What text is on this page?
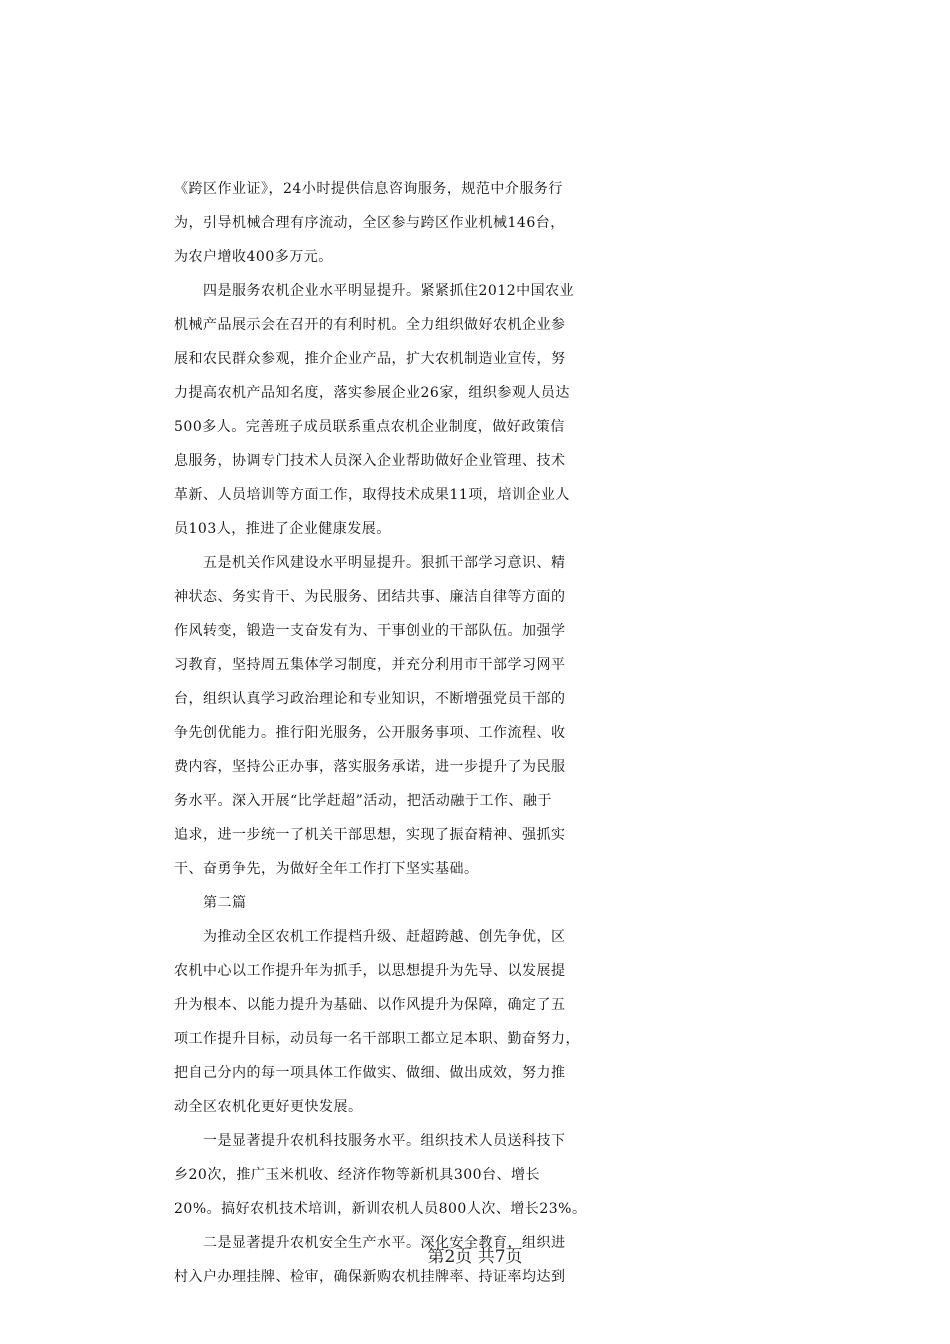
《跨区作业证》，24小时提供信息咨询服务，规范中介服务行
为，引导机械合理有序流动，全区参与跨区作业机械146台，
为农户增收400多万元。
　　四是服务农机企业水平明显提升。紧紧抓住2012中国农业
机械产品展示会在召开的有利时机。全力组织做好农机企业参
展和农民群众参观，推介企业产品，扩大农机制造业宣传，努
力提高农机产品知名度，落实参展企业26家，组织参观人员达
500多人。完善班子成员联系重点农机企业制度，做好政策信
息服务，协调专门技术人员深入企业帮助做好企业管理、技术
革新、人员培训等方面工作，取得技术成果11项，培训企业人
员103人，推进了企业健康发展。
　　五是机关作风建设水平明显提升。狠抓干部学习意识、精
神状态、务实肯干、为民服务、团结共事、廉洁自律等方面的
作风转变，锻造一支奋发有为、干事创业的干部队伍。加强学
习教育，坚持周五集体学习制度，并充分利用市干部学习网平
台，组织认真学习政治理论和专业知识，不断增强党员干部的
争先创优能力。推行阳光服务，公开服务事项、工作流程、收
费内容，坚持公正办事，落实服务承诺，进一步提升了为民服
务水平。深入开展“比学赶超”活动，把活动融于工作、融于
追求，进一步统一了机关干部思想，实现了振奋精神、强抓实
干、奋勇争先，为做好全年工作打下坚实基础。
　　第二篇
　　为推动全区农机工作提档升级、赶超跨越、创先争优，区
农机中心以工作提升年为抓手，以思想提升为先导、以发展提
升为根本、以能力提升为基础、以作风提升为保障，确定了五
项工作提升目标，动员每一名干部职工都立足本职、勤奋努力，
把自己分内的每一项具体工作做实、做细、做出成效，努力推
动全区农机化更好更快发展。
　　一是显著提升农机科技服务水平。组织技术人员送科技下
乡20次，推广玉米机收、经济作物等新机具300台、增长
20%。搞好农机技术培训，新训农机人员800人次、增长23%。
　　二是显著提升农机安全生产水平。深化安全教育，组织进
村入户办理挂牌、检审，确保新购农机挂牌率、持证率均达到
第2页 共7页
